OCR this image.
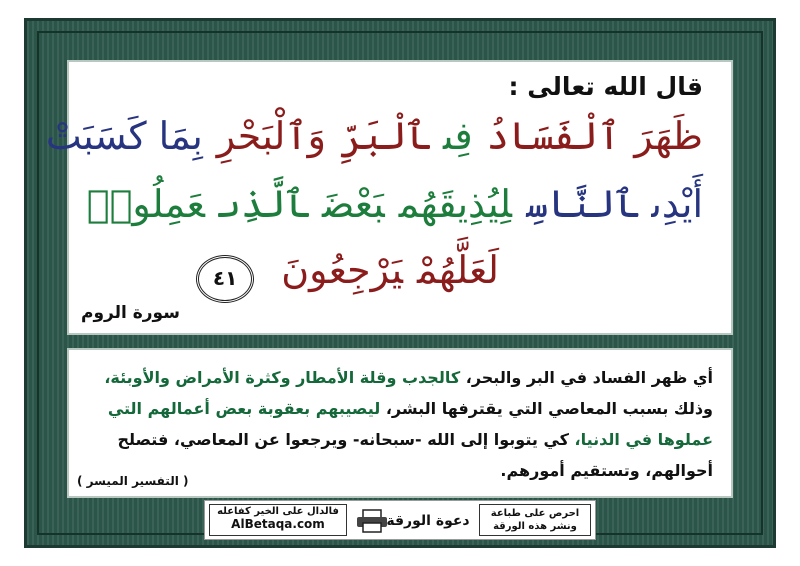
قال الله تعالى :
ظَهَرَٱلْفَسَادُفِىٱلْبَرِّوَٱلْبَحْرِبِمَا كَسَبَتْ
أَيْدِىٱلنَّاسِلِيُذِيقَهُمبَعْضَٱلَّذِىعَمِلُوا۟
لَعَلَّهُمْيَرْجِعُونَ ٤١
سورة الروم
أي ظهر الفساد في البر والبحر، كالجدب وقلة الأمطار وكثرة الأمراض والأوبئة، وذلك بسبب المعاصي التي يقترفها البشر، ليصيبهم بعقوبة بعض أعمالهم التي عملوها في الدنيا، كي يتوبوا إلى الله -سبحانه- ويرجعوا عن المعاصي، فتصلح أحوالهم، وتستقيم أمورهم.
( التفسير الميسر )
فالدال على الخير كفاعله
AlBetaqa.com	دعوة الورقة	احرص على طباعة
ونشر هذه الورقة
